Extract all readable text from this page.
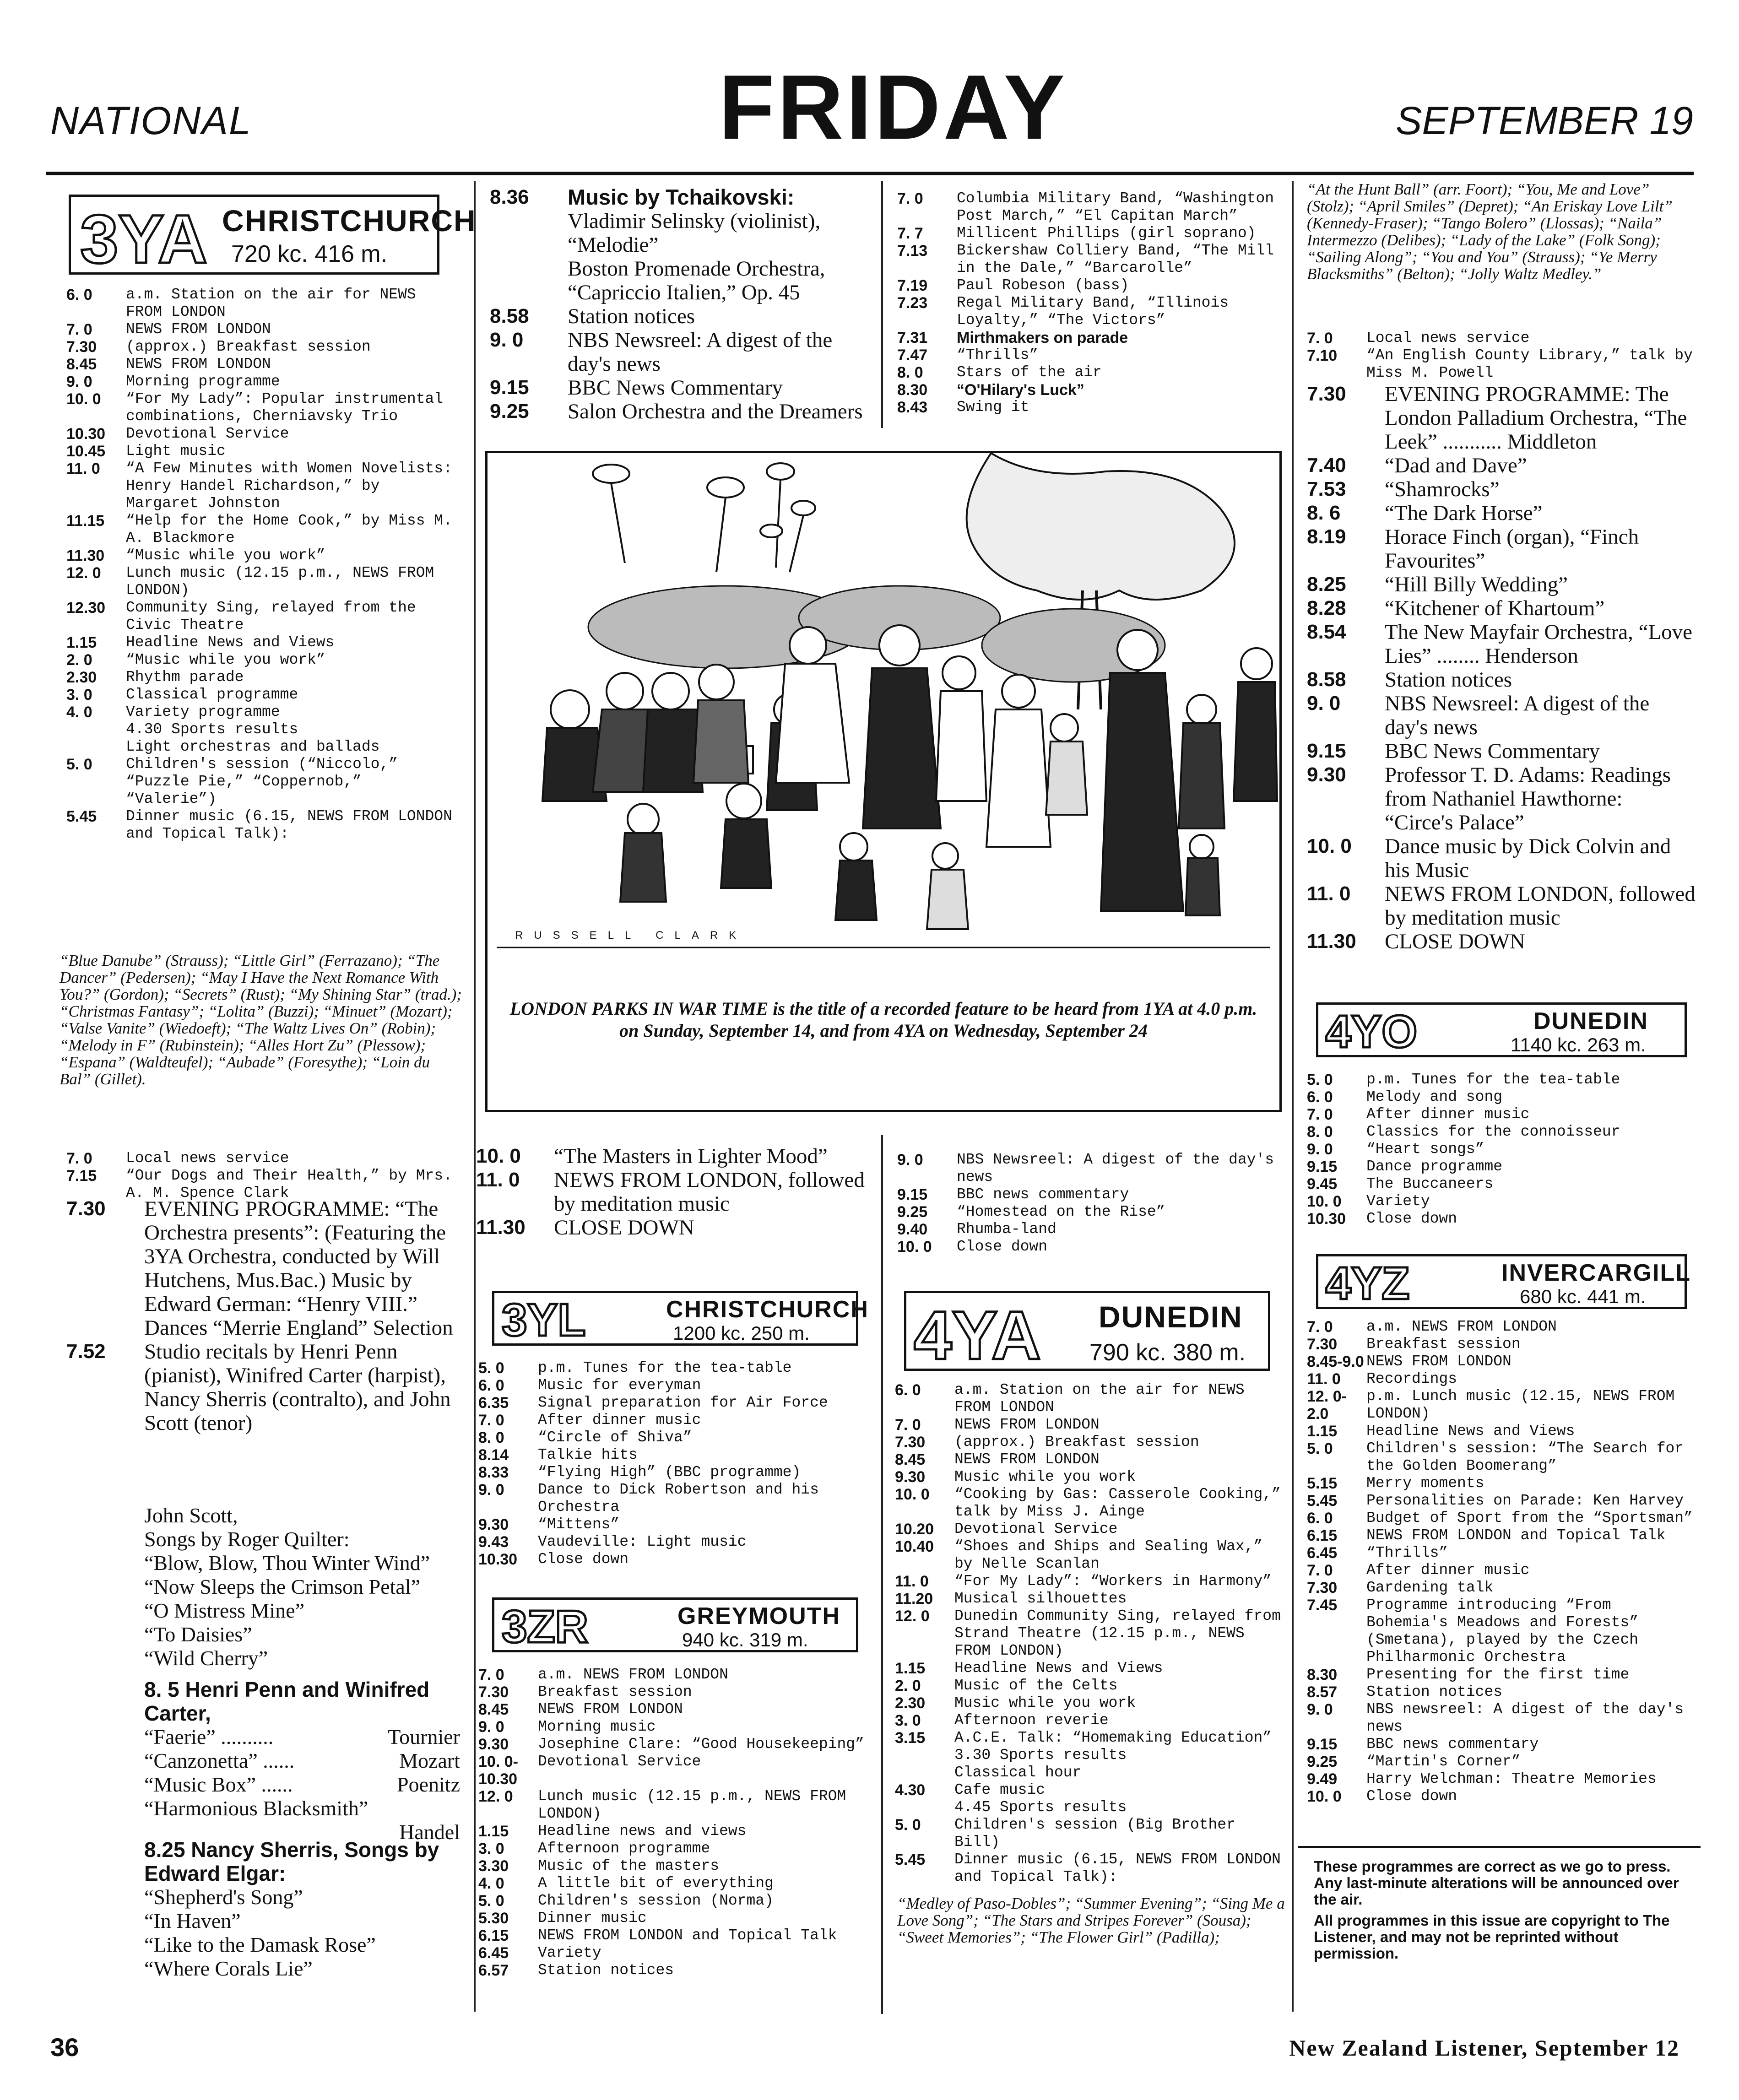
NATIONAL	FRIDAY	SEPTEMBER 19
3YA CHRISTCHURCH
720 kc. 416 m.
6. 0	a.m. Station on the air for NEWS FROM LONDON
7. 0	NEWS FROM LONDON
7.30	(approx.) Breakfast session
8.45	NEWS FROM LONDON
9. 0	Morning programme
10. 0	“For My Lady”: Popular instrumental combinations, Cherniavsky Trio
10.30	Devotional Service
10.45	Light music
11. 0	“A Few Minutes with Women Novelists: Henry Handel Richardson,” by Margaret Johnston
11.15	“Help for the Home Cook,” by Miss M. A. Blackmore
11.30	“Music while you work”
12. 0	Lunch music (12.15 p.m., NEWS FROM LONDON)
12.30	Community Sing, relayed from the Civic Theatre
1.15	Headline News and Views
2. 0	“Music while you work”
2.30	Rhythm parade
3. 0	Classical programme
4. 0	Variety programme
4.30 Sports results
Light orchestras and ballads
5. 0	Children's session (“Niccolo,” “Puzzle Pie,” “Coppernob,” “Valerie”)
5.45	Dinner music (6.15, NEWS FROM LONDON and Topical Talk):
“Blue Danube” (Strauss); “Little Girl” (Ferrazano); “The Dancer” (Pedersen); “May I Have the Next Romance With You?” (Gordon); “Secrets” (Rust); “My Shining Star” (trad.); “Christmas Fantasy”; “Lolita” (Buzzi); “Minuet” (Mozart); “Valse Vanite” (Wiedoeft); “The Waltz Lives On” (Robin); “Melody in F” (Rubinstein); “Alles Hort Zu” (Plessow); “Espana” (Waldteufel); “Aubade” (Foresythe); “Loin du Bal” (Gillet).
7. 0	Local news service
7.15	“Our Dogs and Their Health,” by Mrs. A. M. Spence Clark
7.30	EVENING PROGRAMME: “The Orchestra presents”: (Featuring the 3YA Orchestra, conducted by Will Hutchens, Mus.Bac.) Music by Edward German: “Henry VIII.” Dances “Merrie England” Selection
7.52	Studio recitals by Henri Penn (pianist), Winifred Carter (harpist), Nancy Sherris (contralto), and John Scott (tenor)
John Scott,
Songs by Roger Quilter:
“Blow, Blow, Thou Winter Wind”
“Now Sleeps the Crimson Petal”
“O Mistress Mine”
“To Daisies”
“Wild Cherry”
8. 5 Henri Penn and Winifred Carter,
“Faerie” ..........	Tournier
“Canzonetta” ......	Mozart
“Music Box” ......	Poenitz
“Harmonious Blacksmith”
Handel
8.25 Nancy Sherris, Songs by Edward Elgar:
“Shepherd's Song”
“In Haven”
“Like to the Damask Rose”
“Where Corals Lie”
8.36	Music by Tchaikovski:
Vladimir Selinsky (violinist), “Melodie”
Boston Promenade Orchestra, “Capriccio Italien,” Op. 45
8.58	Station notices
9. 0	NBS Newsreel: A digest of the day's news
9.15	BBC News Commentary
9.25	Salon Orchestra and the Dreamers
7. 0	Columbia Military Band, “Washington Post March,” “El Capitan March”
7. 7	Millicent Phillips (girl soprano)
7.13	Bickershaw Colliery Band, “The Mill in the Dale,” “Barcarolle”
7.19	Paul Robeson (bass)
7.23	Regal Military Band, “Illinois Loyalty,” “The Victors”
7.31	Mirthmakers on parade
7.47	“Thrills”
8. 0	Stars of the air
8.30	“O'Hilary's Luck”
8.43	Swing it
RUSSELL CLARK
LONDON PARKS IN WAR TIME is the title of a recorded feature to be heard from 1YA at 4.0 p.m. on Sunday, September 14, and from 4YA on Wednesday, September 24
10. 0	“The Masters in Lighter Mood”
11. 0	NEWS FROM LONDON, followed by meditation music
11.30	CLOSE DOWN
9. 0	NBS Newsreel: A digest of the day's news
9.15	BBC news commentary
9.25	“Homestead on the Rise”
9.40	Rhumba-land
10. 0	Close down
3YL	CHRISTCHURCH
1200 kc. 250 m.
5. 0	p.m. Tunes for the tea-table
6. 0	Music for everyman
6.35	Signal preparation for Air Force
7. 0	After dinner music
8. 0	“Circle of Shiva”
8.14	Talkie hits
8.33	“Flying High” (BBC programme)
9. 0	Dance to Dick Robertson and his Orchestra
9.30	“Mittens”
9.43	Vaudeville: Light music
10.30	Close down
3ZR	GREYMOUTH
940 kc. 319 m.
7. 0	a.m. NEWS FROM LONDON
7.30	Breakfast session
8.45	NEWS FROM LONDON
9. 0	Morning music
9.30	Josephine Clare: “Good Housekeeping”
10. 0-10.30
Devotional Service
12. 0	Lunch music (12.15 p.m., NEWS FROM LONDON)
1.15	Headline news and views
3. 0	Afternoon programme
3.30	Music of the masters
4. 0	A little bit of everything
5. 0	Children's session (Norma)
5.30	Dinner music
6.15	NEWS FROM LONDON and Topical Talk
6.45	Variety
6.57	Station notices
4YA DUNEDIN
790 kc. 380 m.
6. 0	a.m. Station on the air for NEWS FROM LONDON
7. 0	NEWS FROM LONDON
7.30	(approx.) Breakfast session
8.45	NEWS FROM LONDON
9.30	Music while you work
10. 0	“Cooking by Gas: Casserole Cooking,” talk by Miss J. Ainge
10.20	Devotional Service
10.40	“Shoes and Ships and Sealing Wax,” by Nelle Scanlan
11. 0	“For My Lady”: “Workers in Harmony”
11.20	Musical silhouettes
12. 0	Dunedin Community Sing, relayed from Strand Theatre (12.15 p.m., NEWS FROM LONDON)
1.15	Headline News and Views
2. 0	Music of the Celts
2.30	Music while you work
3. 0	Afternoon reverie
3.15	A.C.E. Talk: “Homemaking Education”
3.30 Sports results
Classical hour
4.30	Cafe music
4.45 Sports results
5. 0	Children's session (Big Brother Bill)
5.45	Dinner music (6.15, NEWS FROM LONDON and Topical Talk):
“Medley of Paso-Dobles”; “Summer Evening”; “Sing Me a Love Song”; “The Stars and Stripes Forever” (Sousa); “Sweet Memories”; “The Flower Girl” (Padilla);
“At the Hunt Ball” (arr. Foort); “You, Me and Love” (Stolz); “April Smiles” (Depret); “An Eriskay Love Lilt” (Kennedy-Fraser); “Tango Bolero” (Llossas); “Naila” Intermezzo (Delibes); “Lady of the Lake” (Folk Song); “Sailing Along”; “You and You” (Strauss); “Ye Merry Blacksmiths” (Belton); “Jolly Waltz Medley.”
7. 0	Local news service
7.10	“An English County Library,” talk by Miss M. Powell
7.30	EVENING PROGRAMME: The London Palladium Orchestra, “The Leek” ........... Middleton
7.40	“Dad and Dave”
7.53	“Shamrocks”
8. 6	“The Dark Horse”
8.19	Horace Finch (organ), “Finch Favourites”
8.25	“Hill Billy Wedding”
8.28	“Kitchener of Khartoum”
8.54	The New Mayfair Orchestra, “Love Lies” ........ Henderson
8.58	Station notices
9. 0	NBS Newsreel: A digest of the day's news
9.15	BBC News Commentary
9.30	Professor T. D. Adams: Readings from Nathaniel Hawthorne: “Circe's Palace”
10. 0	Dance music by Dick Colvin and his Music
11. 0	NEWS FROM LONDON, followed by meditation music
11.30	CLOSE DOWN
4YO	DUNEDIN
1140 kc. 263 m.
5. 0	p.m. Tunes for the tea-table
6. 0	Melody and song
7. 0	After dinner music
8. 0	Classics for the connoisseur
9. 0	“Heart songs”
9.15	Dance programme
9.45	The Buccaneers
10. 0	Variety
10.30	Close down
4YZ	INVERCARGILL
680 kc. 441 m.
7. 0	a.m. NEWS FROM LONDON
7.30	Breakfast session
8.45-9.0 NEWS FROM LONDON
11. 0	Recordings
12. 0-2.0
p.m. Lunch music (12.15, NEWS FROM LONDON)
1.15	Headline News and Views
5. 0	Children's session: “The Search for the Golden Boomerang”
5.15	Merry moments
5.45	Personalities on Parade: Ken Harvey
6. 0	Budget of Sport from the “Sportsman”
6.15	NEWS FROM LONDON and Topical Talk
6.45	“Thrills”
7. 0	After dinner music
7.30	Gardening talk
7.45	Programme introducing “From Bohemia's Meadows and Forests” (Smetana), played by the Czech Philharmonic Orchestra
8.30	Presenting for the first time
8.57	Station notices
9. 0	NBS newsreel: A digest of the day's news
9.15	BBC news commentary
9.25	“Martin's Corner”
9.49	Harry Welchman: Theatre Memories
10. 0	Close down
These programmes are correct as we go to press. Any last-minute alterations will be announced over the air.
All programmes in this issue are copyright to The Listener, and may not be reprinted without permission.
36	New Zealand Listener, September 12
